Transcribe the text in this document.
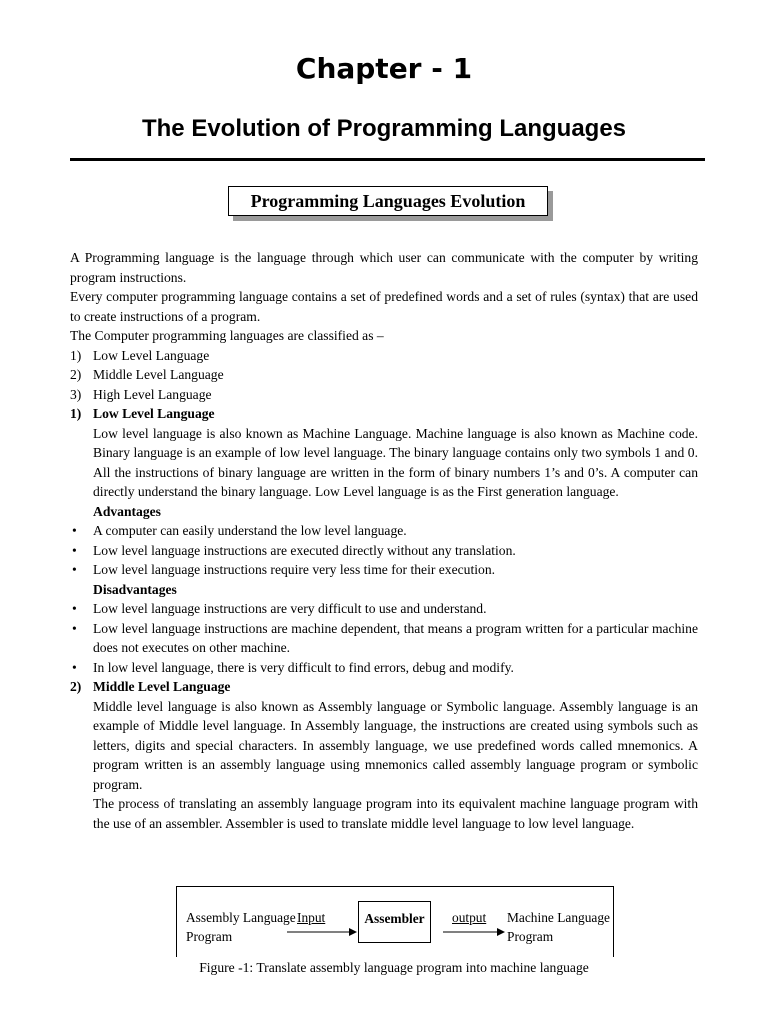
Chapter - 1
The Evolution of Programming Languages
Programming Languages Evolution

A Programming language is the language through which user can communicate with the computer by writing program instructions.

Every computer programming language contains a set of predefined words and a set of rules (syntax) that are used to create instructions of a program.

The Computer programming languages are classified as –

1) Low Level Language
2) Middle Level Language
3) High Level Language
1) Low Level Language

Low level language is also known as Machine Language. Machine language is also known as Machine code. Binary language is an example of low level language. The binary language contains only two symbols 1 and 0. All the instructions of binary language are written in the form of binary numbers 1’s and 0’s. A computer can directly understand the binary language. Low Level language is as the First generation language.

Advantages

• A computer can easily understand the low level language.
• Low level language instructions are executed directly without any translation.
• Low level language instructions require very less time for their execution.

Disadvantages

• Low level language instructions are very difficult to use and understand.
• Low level language instructions are machine dependent, that means a program written for a particular machine does not executes on other machine.
• In low level language, there is very difficult to find errors, debug and modify.
2) Middle Level Language

Middle level language is also known as Assembly language or Symbolic language. Assembly language is an example of Middle level language. In Assembly language, the instructions are created using symbols such as letters, digits and special characters. In assembly language, we use predefined words called mnemonics. A program written is an assembly language using mnemonics called assembly language program or symbolic program.

The process of translating an assembly language program into its equivalent machine language program with the use of an assembler. Assembler is used to translate middle level language to low level language.

Assembly Language Program
Input	Assembler	output Machine Language Program
Figure -1: Translate assembly language program into machine language
